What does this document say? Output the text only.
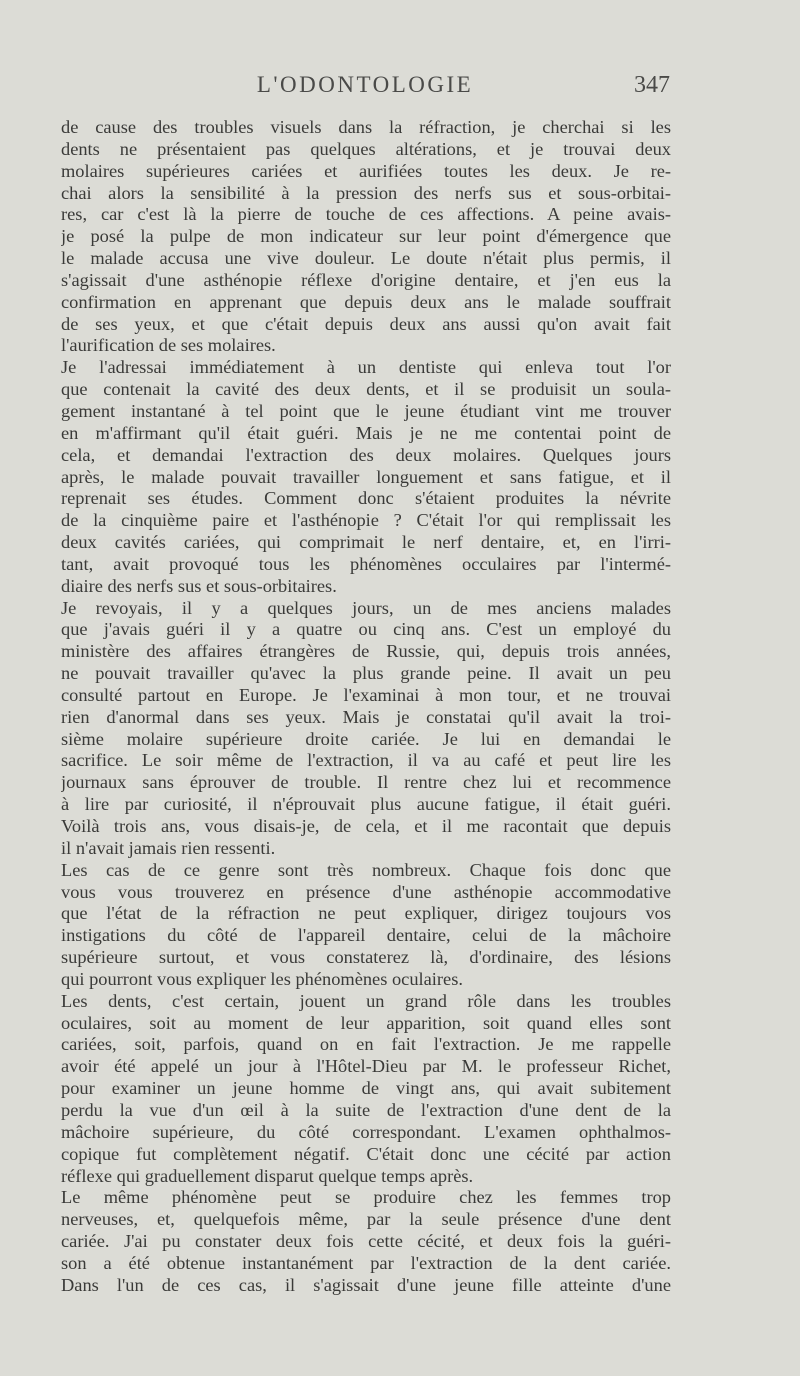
L'ODONTOLOGIE	347
de cause des troubles visuels dans la réfraction, je cherchai si les
dents ne présentaient pas quelques altérations, et je trouvai deux
molaires supérieures cariées et aurifiées toutes les deux. Je re-
chai alors la sensibilité à la pression des nerfs sus et sous-orbitai-
res, car c'est là la pierre de touche de ces affections. A peine avais-
je posé la pulpe de mon indicateur sur leur point d'émergence que
le malade accusa une vive douleur. Le doute n'était plus permis, il
s'agissait d'une asthénopie réflexe d'origine dentaire, et j'en eus la
confirmation en apprenant que depuis deux ans le malade souffrait
de ses yeux, et que c'était depuis deux ans aussi qu'on avait fait
l'aurification de ses molaires.
Je l'adressai immédiatement à un dentiste qui enleva tout l'or
que contenait la cavité des deux dents, et il se produisit un soula-
gement instantané à tel point que le jeune étudiant vint me trouver
en m'affirmant qu'il était guéri. Mais je ne me contentai point de
cela, et demandai l'extraction des deux molaires. Quelques jours
après, le malade pouvait travailler longuement et sans fatigue, et il
reprenait ses études. Comment donc s'étaient produites la névrite
de la cinquième paire et l'asthénopie ? C'était l'or qui remplissait les
deux cavités cariées, qui comprimait le nerf dentaire, et, en l'irri-
tant, avait provoqué tous les phénomènes occulaires par l'intermé-
diaire des nerfs sus et sous-orbitaires.
Je revoyais, il y a quelques jours, un de mes anciens malades
que j'avais guéri il y a quatre ou cinq ans. C'est un employé du
ministère des affaires étrangères de Russie, qui, depuis trois années,
ne pouvait travailler qu'avec la plus grande peine. Il avait un peu
consulté partout en Europe. Je l'examinai à mon tour, et ne trouvai
rien d'anormal dans ses yeux. Mais je constatai qu'il avait la troi-
sième molaire supérieure droite cariée. Je lui en demandai le
sacrifice. Le soir même de l'extraction, il va au café et peut lire les
journaux sans éprouver de trouble. Il rentre chez lui et recommence
à lire par curiosité, il n'éprouvait plus aucune fatigue, il était guéri.
Voilà trois ans, vous disais-je, de cela, et il me racontait que depuis
il n'avait jamais rien ressenti.
Les cas de ce genre sont très nombreux. Chaque fois donc que
vous vous trouverez en présence d'une asthénopie accommodative
que l'état de la réfraction ne peut expliquer, dirigez toujours vos
instigations du côté de l'appareil dentaire, celui de la mâchoire
supérieure surtout, et vous constaterez là, d'ordinaire, des lésions
qui pourront vous expliquer les phénomènes oculaires.
Les dents, c'est certain, jouent un grand rôle dans les troubles
oculaires, soit au moment de leur apparition, soit quand elles sont
cariées, soit, parfois, quand on en fait l'extraction. Je me rappelle
avoir été appelé un jour à l'Hôtel-Dieu par M. le professeur Richet,
pour examiner un jeune homme de vingt ans, qui avait subitement
perdu la vue d'un œil à la suite de l'extraction d'une dent de la
mâchoire supérieure, du côté correspondant. L'examen ophthalmos-
copique fut complètement négatif. C'était donc une cécité par action
réflexe qui graduellement disparut quelque temps après.
Le même phénomène peut se produire chez les femmes trop
nerveuses, et, quelquefois même, par la seule présence d'une dent
cariée. J'ai pu constater deux fois cette cécité, et deux fois la guéri-
son a été obtenue instantanément par l'extraction de la dent cariée.
Dans l'un de ces cas, il s'agissait d'une jeune fille atteinte d'une
